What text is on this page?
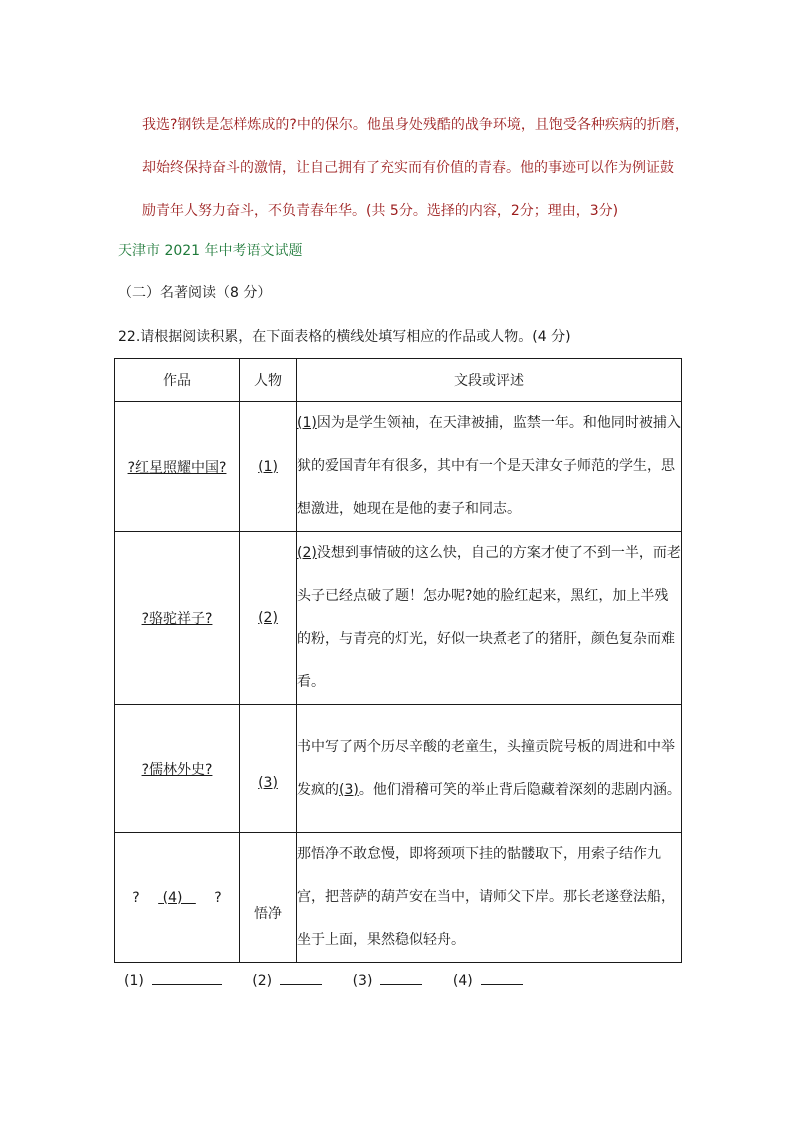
我选?钢铁是怎样炼成的?中的保尔。他虽身处残酷的战争环境，且饱受各种疾病的折磨，
却始终保持奋斗的激情，让自己拥有了充实而有价值的青春。他的事迹可以作为例证鼓
励青年人努力奋斗，不负青春年华。(共 5分。选择的内容，2分；理由，3分)

天津市 2021 年中考语文试题

（二）名著阅读（8 分）

22.请根据阅读积累，在下面表格的横线处填写相应的作品或人物。(4 分)

作品	人物	文段或评述
?红星照耀中国?	(1)	(1)因为是学生领袖，在天津被捕，监禁一年。和他同时被捕入狱的爱国青年有很多，其中有一个是天津女子师范的学生，思想激进，她现在是他的妻子和同志。
?骆驼祥子?	(2)	(2)没想到事情破的这么快，自己的方案才使了不到一半，而老头子已经点破了题！怎办呢?她的脸红起来，黑红，加上半残的粉，与青亮的灯光，好似一块煮老了的猪肝，颜色复杂而难看。
?儒林外史?	(3)	书中写了两个历尽辛酸的老童生，头撞贡院号板的周进和中举发疯的(3)。他们滑稽可笑的举止背后隐藏着深刻的悲剧内涵。
? (4) ?	悟净	那悟净不敢怠慢，即将颈项下挂的骷髅取下，用索子结作九宫，把菩萨的葫芦安在当中，请师父下岸。那长老遂登法船，坐于上面，果然稳似轻舟。
(1)	(2)	(3)	(4)
